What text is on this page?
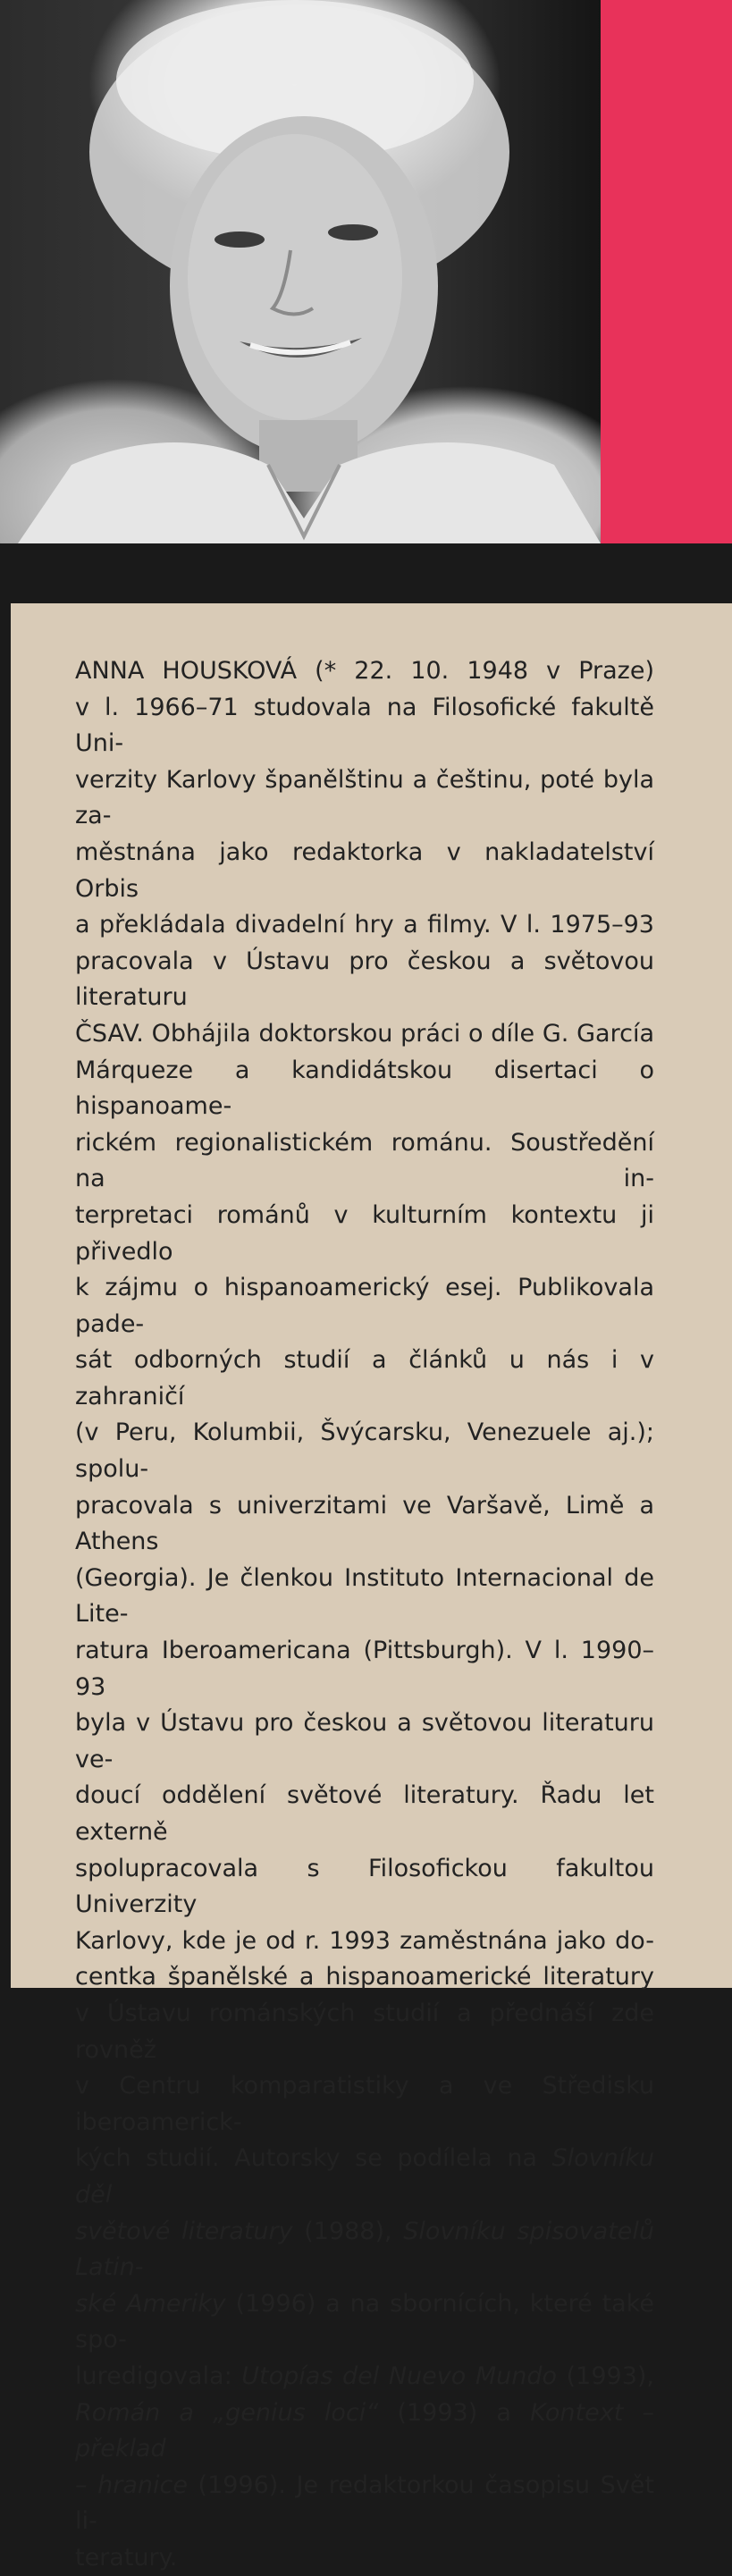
ANNA HOUSKOVÁ (* 22. 10. 1948 v Praze)
v l. 1966–71 studovala na Filosofické fakultě Uni-
verzity Karlovy španělštinu a češtinu, poté byla za-
městnána jako redaktorka v nakladatelství Orbis
a překládala divadelní hry a filmy. V l. 1975–93
pracovala v Ústavu pro českou a světovou literaturu
ČSAV. Obhájila doktorskou práci o díle G. García
Márqueze a kandidátskou disertaci o hispanoame-
rickém regionalistickém románu. Soustředění na in-
terpretaci románů v kulturním kontextu ji přivedlo
k zájmu o hispanoamerický esej. Publikovala pade-
sát odborných studií a článků u nás i v zahraničí
(v Peru, Kolumbii, Švýcarsku, Venezuele aj.); spolu-
pracovala s univerzitami ve Varšavě, Limě a Athens
(Georgia). Je členkou Instituto Internacional de Lite-
ratura Iberoamericana (Pittsburgh). V l. 1990–93
byla v Ústavu pro českou a světovou literaturu ve-
doucí oddělení světové literatury. Řadu let externě
spolupracovala s Filosofickou fakultou Univerzity
Karlovy, kde je od r. 1993 zaměstnána jako do-
centka španělské a hispanoamerické literatury
v Ústavu románských studií a přednáší zde rovněž
v Centru komparatistiky a ve Středisku iberoamerick-
kých studií. Autorsky se podílela na Slovníku děl
světové literatury (1988), Slovníku spisovatelů Latin-
ské Ameriky (1996) a na sbornících, které také spo-
luredigovala: Utopías del Nuevo Mundo (1993),
Román a „genius loci“ (1993) a Kontext – překlad
– hranice (1996). Je redaktorkou časopisu Svět li-
teratury.
